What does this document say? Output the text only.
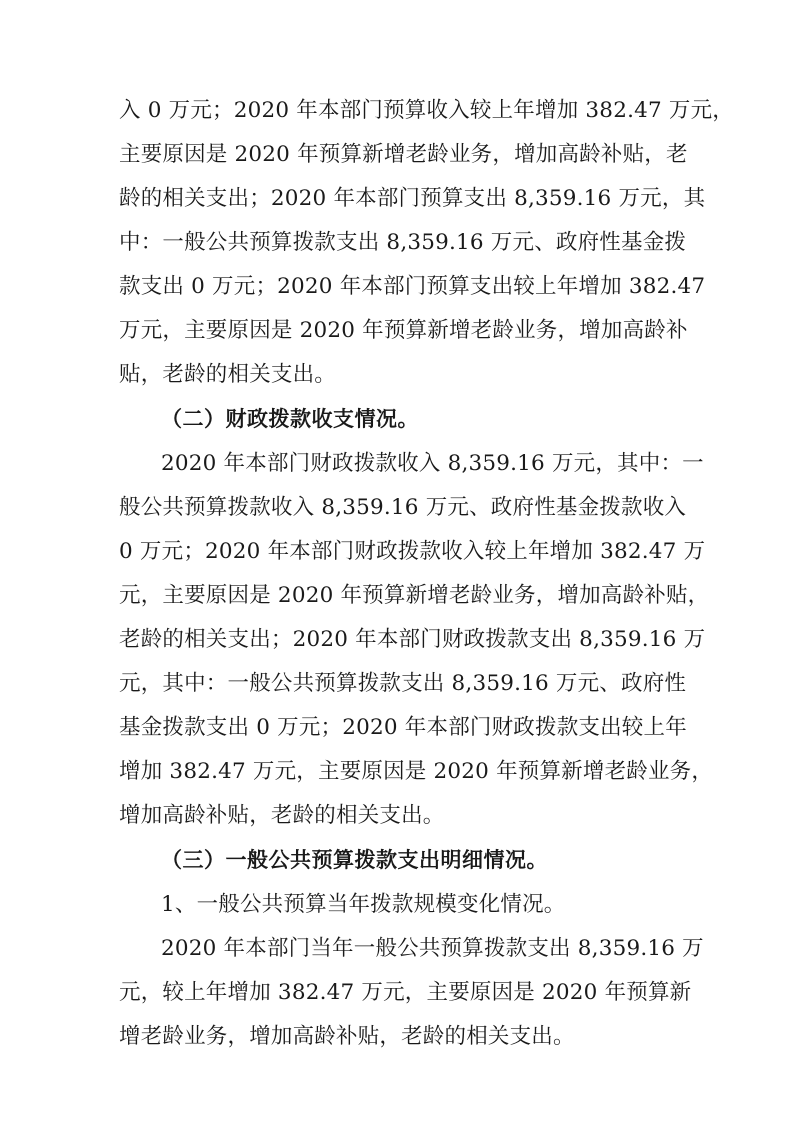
入 0 万元；2020 年本部门预算收入较上年增加 382.47 万元，
主要原因是 2020 年预算新增老龄业务，增加高龄补贴，老
龄的相关支出；2020 年本部门预算支出 8,359.16 万元，其
中：一般公共预算拨款支出 8,359.16 万元、政府性基金拨
款支出 0 万元；2020 年本部门预算支出较上年增加 382.47
万元，主要原因是 2020 年预算新增老龄业务，增加高龄补
贴，老龄的相关支出。
（二）财政拨款收支情况。
2020 年本部门财政拨款收入 8,359.16 万元，其中：一
般公共预算拨款收入 8,359.16 万元、政府性基金拨款收入
0 万元；2020 年本部门财政拨款收入较上年增加 382.47 万
元，主要原因是 2020 年预算新增老龄业务，增加高龄补贴，
老龄的相关支出；2020 年本部门财政拨款支出 8,359.16 万
元，其中：一般公共预算拨款支出 8,359.16 万元、政府性
基金拨款支出 0 万元；2020 年本部门财政拨款支出较上年
增加 382.47 万元，主要原因是 2020 年预算新增老龄业务，
增加高龄补贴，老龄的相关支出。
（三）一般公共预算拨款支出明细情况。
1、一般公共预算当年拨款规模变化情况。
2020 年本部门当年一般公共预算拨款支出 8,359.16 万
元，较上年增加 382.47 万元，主要原因是 2020 年预算新
增老龄业务，增加高龄补贴，老龄的相关支出。
